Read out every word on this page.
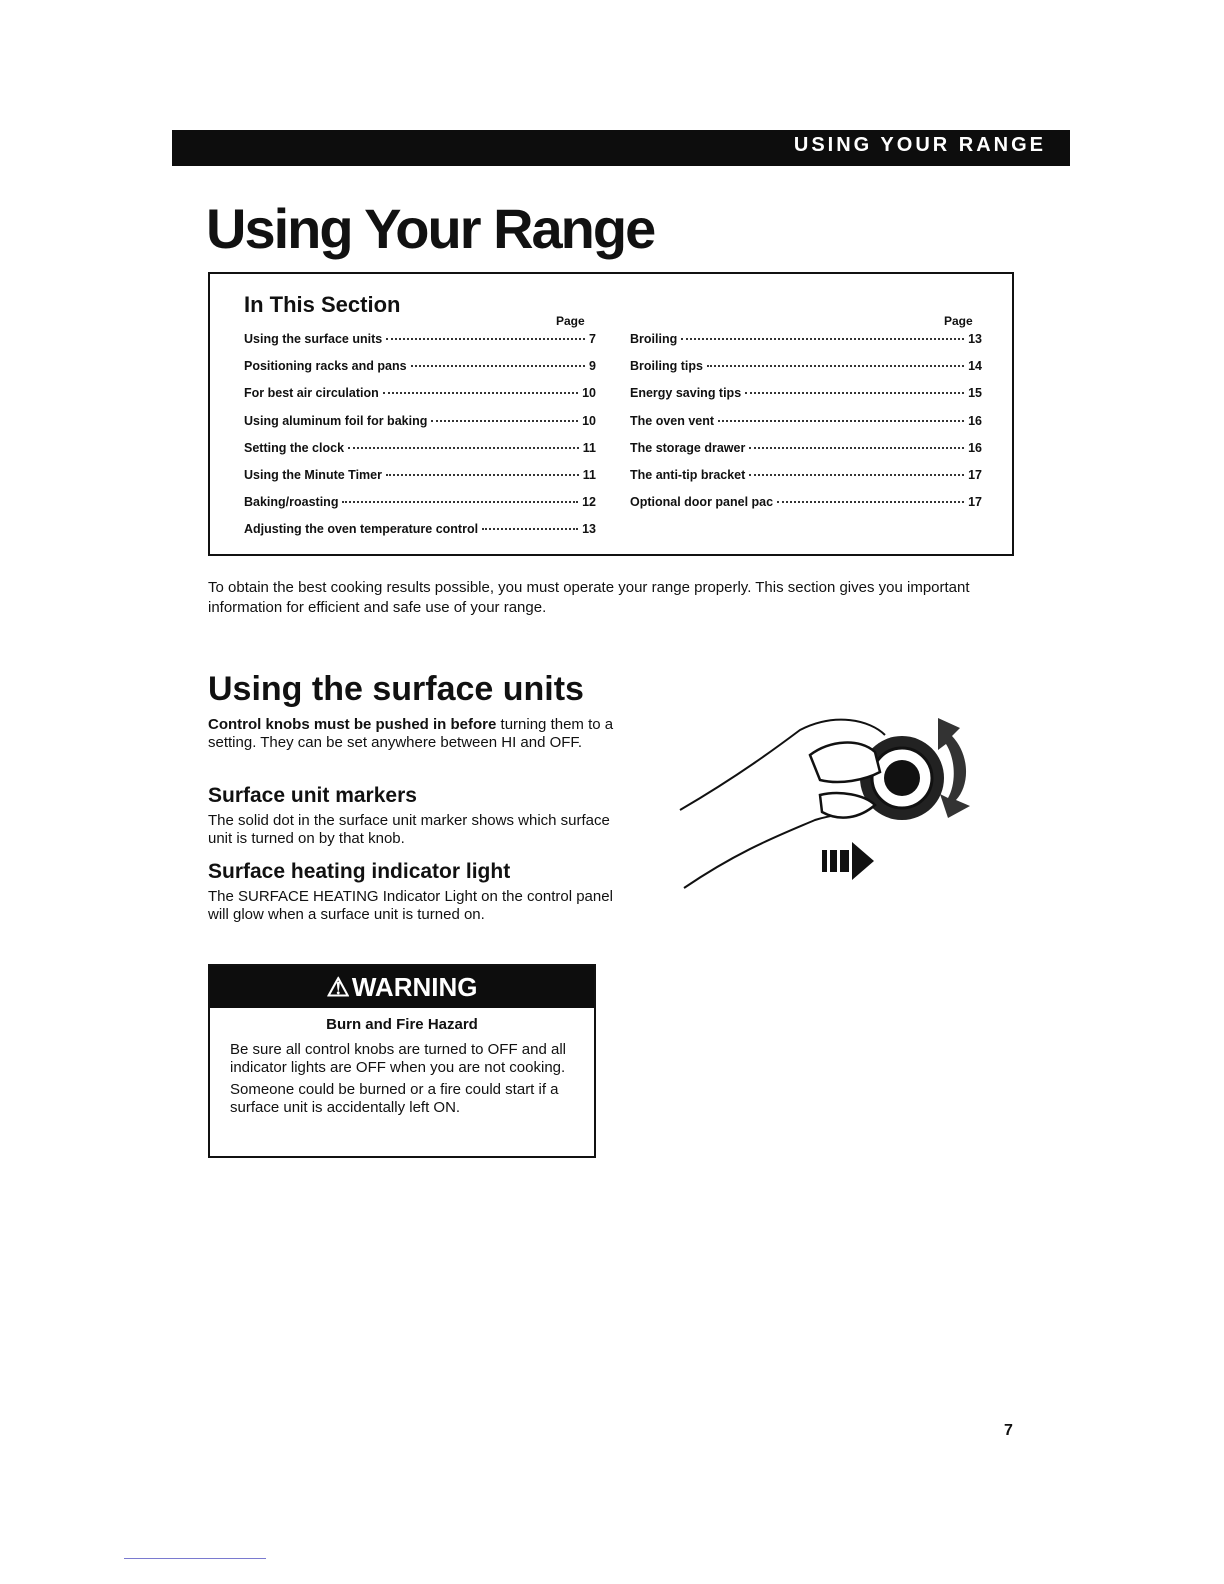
USING YOUR RANGE
Using Your Range
In This Section
Page	Page
Using the surface units	7
Positioning racks and pans	9
For best air circulation	10
Using aluminum foil for baking	10
Setting the clock	11
Using the Minute Timer	11
Baking/roasting	12
Adjusting the oven temperature control	13
Broiling	13
Broiling tips	14
Energy saving tips	15
The oven vent	16
The storage drawer	16
The anti-tip bracket	17
Optional door panel pac	17
To obtain the best cooking results possible, you must operate your range properly. This section gives you important information for efficient and safe use of your range.
Using the surface units
Control knobs must be pushed in before turning them to a setting. They can be set anywhere between HI and OFF.
Surface unit markers
The solid dot in the surface unit marker shows which surface unit is turned on by that knob.
Surface heating indicator light
The SURFACE HEATING Indicator Light on the control panel will glow when a surface unit is turned on.
⚠ WARNING
Burn and Fire Hazard
Be sure all control knobs are turned to OFF and all indicator lights are OFF when you are not cooking.
Someone could be burned or a fire could start if a surface unit is accidentally left ON.
7
